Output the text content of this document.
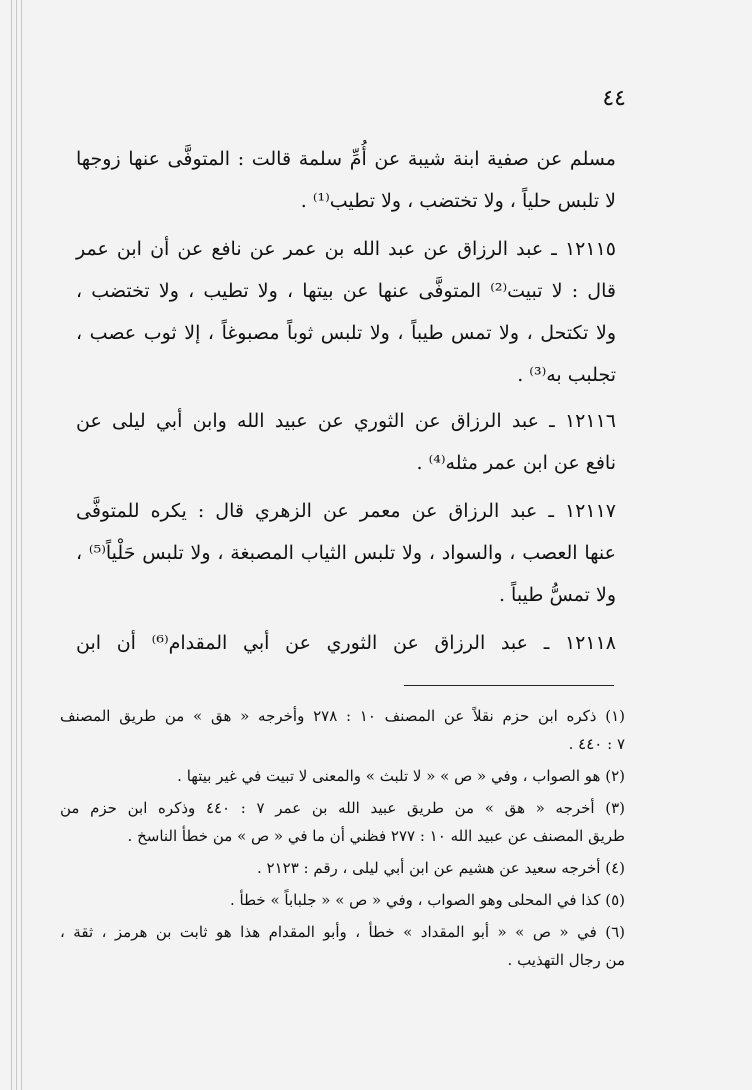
٤٤

مسلم عن صفية ابنة شيبة عن أُمِّ سلمة قالت : المتوفَّى عنها زوجها
لا تلبس حلياً ، ولا تختضب ، ولا تطيب⁽¹⁾ .

١٢١١٥ ـ عبد الرزاق عن عبد الله بن عمر عن نافع عن أن ابن عمر
قال : لا تبيت⁽²⁾ المتوفَّى عنها عن بيتها ، ولا تطيب ، ولا تختضب ،
ولا تكتحل ، ولا تمس طيباً ، ولا تلبس ثوباً مصبوغاً ، إلا ثوب عصب ،
تجلبب به⁽³⁾ .

١٢١١٦ ـ عبد الرزاق عن الثوري عن عبيد الله وابن أبي ليلى عن
نافع عن ابن عمر مثله⁽⁴⁾ .

١٢١١٧ ـ عبد الرزاق عن معمر عن الزهري قال : يكره للمتوفَّى
عنها العصب ، والسواد ، ولا تلبس الثياب المصبغة ، ولا تلبس حَلْياً⁽⁵⁾ ،
ولا تمسُّ طيباً .

١٢١١٨ ـ عبد الرزاق عن الثوري عن أبي المقدام⁽⁶⁾ أن ابن

(١) ذكره ابن حزم نقلاً عن المصنف ١٠ : ٢٧٨ وأخرجه « هق » من طريق المصنف
٧ : ٤٤٠ .
(٢) هو الصواب ، وفي « ص » « لا تلبث » والمعنى لا تبيت في غير بيتها .
(٣) أخرجه « هق » من طريق عبيد الله بن عمر ٧ : ٤٤٠ وذكره ابن حزم من
طريق المصنف عن عبيد الله ١٠ : ٢٧٧ فظني أن ما في « ص » من خطأ الناسخ .
(٤) أخرجه سعيد عن هشيم عن ابن أبي ليلى ، رقم : ٢١٢٣ .
(٥) كذا في المحلى وهو الصواب ، وفي « ص » « جلباباً » خطأ .
(٦) في « ص » « أبو المقداد » خطأ ، وأبو المقدام هذا هو ثابت بن هرمز ، ثقة ،
من رجال التهذيب .
